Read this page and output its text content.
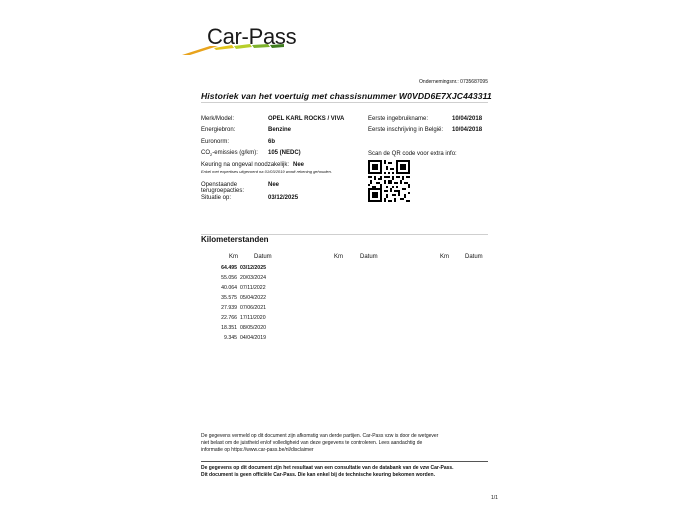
Car-Pass
Ondernemingsnr.: 0735687095
Historiek van het voertuig met chassisnummer W0VDD6E7XJC443311
Merk/Model:	OPEL KARL ROCKS / VIVA
Energiebron:	Benzine
Euronorm:	6b
$CO_2$-emissies (g/km): 105 (NEDC)
Keuring na ongeval noodzakelijk: Nee
Enkel met expertises uitgevoerd na 01/03/2019 wordt rekening gehouden.
Openstaande
terugroepacties:
Nee
Situatie op:	03/12/2025
Eerste ingebruikname:	10/04/2018
Eerste inschrijving in België: 10/04/2018
Scan de QR code voor extra info:
Kilometerstanden
Km	Datum	Km	Datum	Km	Datum
64.495 03/12/2025
55.056 20/03/2024
40.064 07/11/2022
35.575 05/04/2022
27.939 07/06/2021
22.766 17/11/2020
18.351 08/05/2020
9.345 04/04/2019
De gegevens vermeld op dit document zijn afkomstig van derde partijen. Car-Pass vzw is door de wetgever
niet belast om de juistheid en/of volledigheid van deze gegevens te controleren. Lees aandachtig de
informatie op https://www.car-pass.be/nl/disclaimer
De gegevens op dit document zijn het resultaat van een consultatie van de databank van de vzw Car-Pass.
Dit document is geen officiële Car-Pass. Die kan enkel bij de technische keuring bekomen worden.
1/1
